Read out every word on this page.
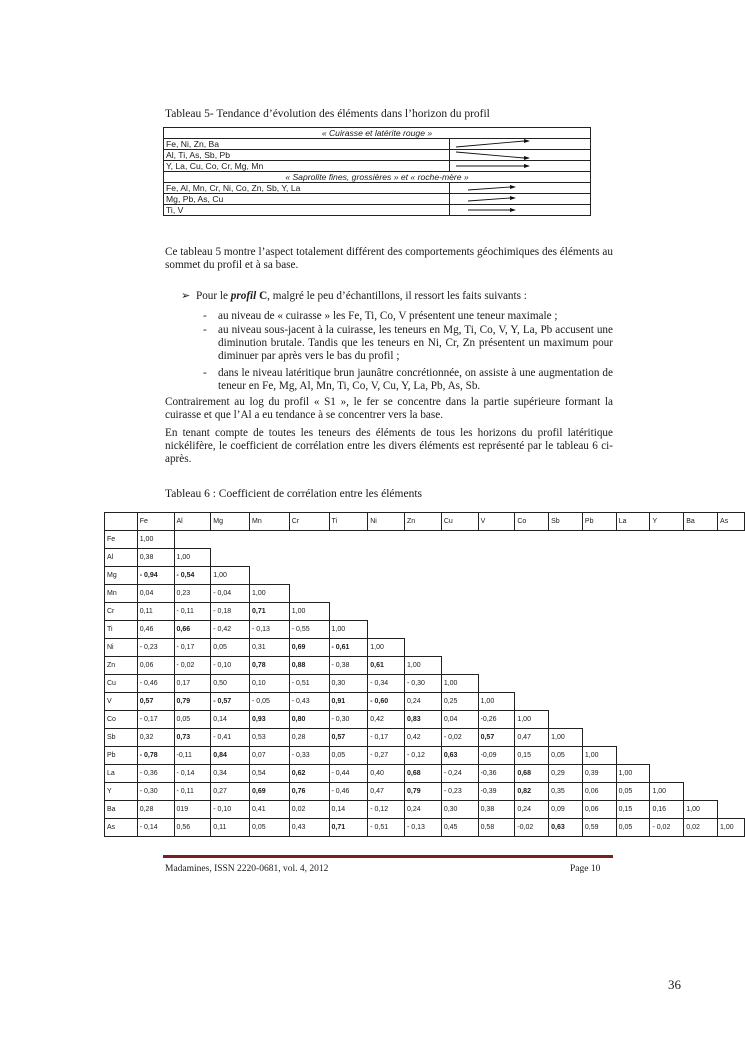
Tableau 5- Tendance d’évolution des éléments dans l’horizon du profil
« Cuirasse et latérite rouge »	
Fe, Ni, Zn, Ba	

Al, Ti, As, Sb, Pb	

Y, La, Cu, Co, Cr, Mg, Mn	

« Saprolite fines, grossières » et « roche-mère »	
Fe, Al, Mn, Cr, Ni, Co, Zn, Sb, Y, La	

Mg, Pb, As, Cu	

Ti, V	
Ce tableau 5 montre l’aspect totalement différent des comportements géochimiques des éléments au sommet du profil et à sa base.
➢ Pour le profil C, malgré le peu d’échantillons, il ressort les faits suivants :
-	au niveau de « cuirasse » les Fe, Ti, Co, V présentent une teneur maximale ;
-	au niveau sous-jacent à la cuirasse, les teneurs en Mg, Ti, Co, V, Y, La, Pb accusent une diminution brutale. Tandis que les teneurs en Ni, Cr, Zn présentent un maximum pour diminuer par après vers le bas du profil ;
-	dans le niveau latéritique brun jaunâtre concrétionnée, on assiste à une augmentation de teneur en Fe, Mg, Al, Mn, Ti, Co, V, Cu, Y, La, Pb, As, Sb.
Contrairement au log du profil « S1 », le fer se concentre dans la partie supérieure formant la cuirasse et que l’Al a eu tendance à se concentrer vers la base.
En tenant compte de toutes les teneurs des éléments de tous les horizons du profil latéritique nickélifère, le coefficient de corrélation entre les divers éléments est représenté par le tableau 6 ci-après.
Tableau 6 : Coefficient de corrélation entre les éléments
	Fe	Al	Mg	Mn	Cr	Ti	Ni	Zn	Cu	V	Co	Sb	Pb	La	Y	Ba	As
Fe	1,00																
Al	0,38	1,00															
Mg	- 0,94	- 0,54	1,00														
Mn	0,04	0,23	- 0,04	1,00													
Cr	0,11	- 0,11	- 0,18	0,71	1,00												
Ti	0,46	0,66	- 0,42	- 0,13	- 0,55	1,00											
Ni	- 0,23	- 0,17	0,05	0,31	0,69	- 0,61	1,00										
Zn	0,06	- 0,02	- 0,10	0,78	0,88	- 0,38	0,61	1,00									
Cu	- 0,46	0,17	0,50	0,10	- 0,51	0,30	- 0,34	- 0,30	1,00								
V	0,57	0,79	- 0,57	- 0,05	- 0,43	0,91	- 0,60	0,24	0,25	1,00							
Co	- 0,17	0,05	0,14	0,93	0,80	- 0,30	0,42	0,83	0,04	-0,26	1,00						
Sb	0,32	0,73	- 0,41	0,53	0,28	0,57	- 0,17	0,42	- 0,02	0,57	0,47	1,00					
Pb	- 0,78	-0,11	0,84	0,07	- 0,33	0,05	- 0,27	- 0,12	0,63	-0,09	0,15	0,05	1,00				
La	- 0,36	- 0,14	0,34	0,54	0,62	- 0,44	0,40	0,68	- 0,24	-0,36	0,68	0,29	0,39	1,00			
Y	- 0,30	- 0,11	0,27	0,69	0,76	- 0,46	0,47	0,79	- 0,23	-0,39	0,82	0,35	0,06	0,05	1,00		
Ba	0,28	019	- 0,10	0,41	0,02	0,14	- 0,12	0,24	0,30	0,38	0,24	0,09	0,06	0,15	0,16	1,00	
As	- 0,14	0,56	0,11	0,05	0,43	0,71	- 0,51	- 0,13	0,45	0,58	-0,02	0,63	0,59	0,05	- 0,02	0,02	1,00
Madamines, ISSN 2220-0681, vol. 4, 2012	Page 10
36
